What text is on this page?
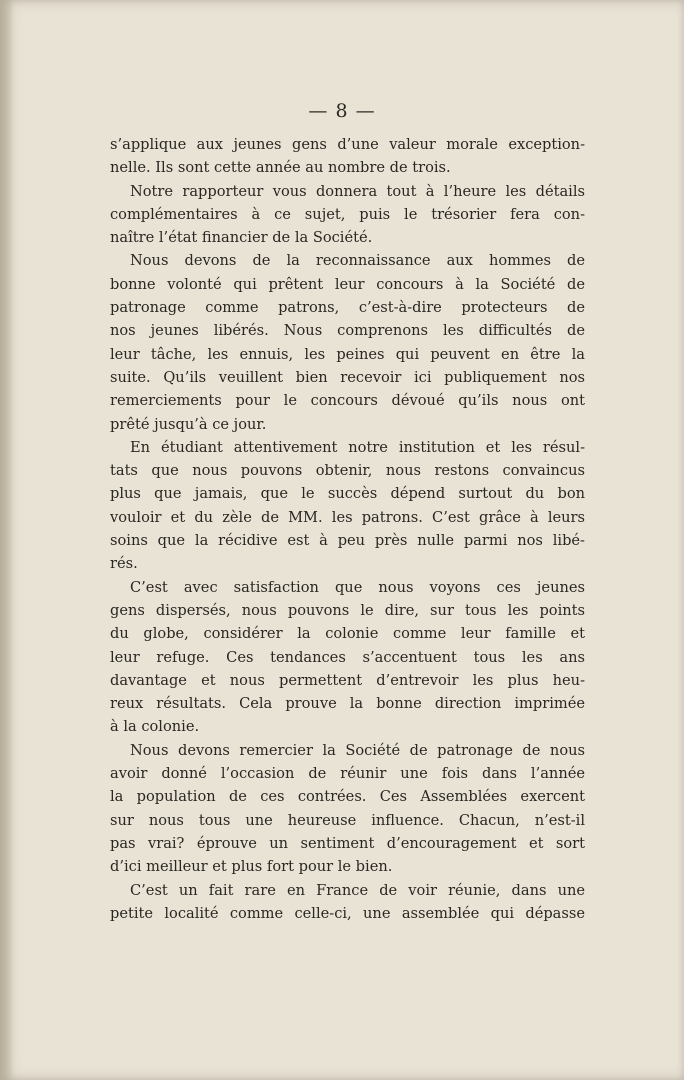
— 8 —
s’applique aux jeunes gens d’une valeur morale exception-
nelle. Ils sont cette année au nombre de trois.
Notre rapporteur vous donnera tout à l’heure les détails
complémentaires à ce sujet, puis le trésorier fera con-
naître l’état financier de la Société.
Nous devons de la reconnaissance aux hommes de
bonne volonté qui prêtent leur concours à la Société de
patronage comme patrons, c’est-à-dire protecteurs de
nos jeunes libérés. Nous comprenons les difficultés de
leur tâche, les ennuis, les peines qui peuvent en être la
suite. Qu’ils veuillent bien recevoir ici publiquement nos
remerciements pour le concours dévoué qu’ils nous ont
prêté jusqu’à ce jour.
En étudiant attentivement notre institution et les résul-
tats que nous pouvons obtenir, nous restons convaincus
plus que jamais, que le succès dépend surtout du bon
vouloir et du zèle de MM. les patrons. C’est grâce à leurs
soins que la récidive est à peu près nulle parmi nos libé-
rés.
C’est avec satisfaction que nous voyons ces jeunes
gens dispersés, nous pouvons le dire, sur tous les points
du globe, considérer la colonie comme leur famille et
leur refuge. Ces tendances s’accentuent tous les ans
davantage et nous permettent d’entrevoir les plus heu-
reux résultats. Cela prouve la bonne direction imprimée
à la colonie.
Nous devons remercier la Société de patronage de nous
avoir donné l’occasion de réunir une fois dans l’année
la population de ces contrées. Ces Assemblées exercent
sur nous tous une heureuse influence. Chacun, n’est-il
pas vrai? éprouve un sentiment d’encouragement et sort
d’ici meilleur et plus fort pour le bien.
C’est un fait rare en France de voir réunie, dans une
petite localité comme celle-ci, une assemblée qui dépasse
